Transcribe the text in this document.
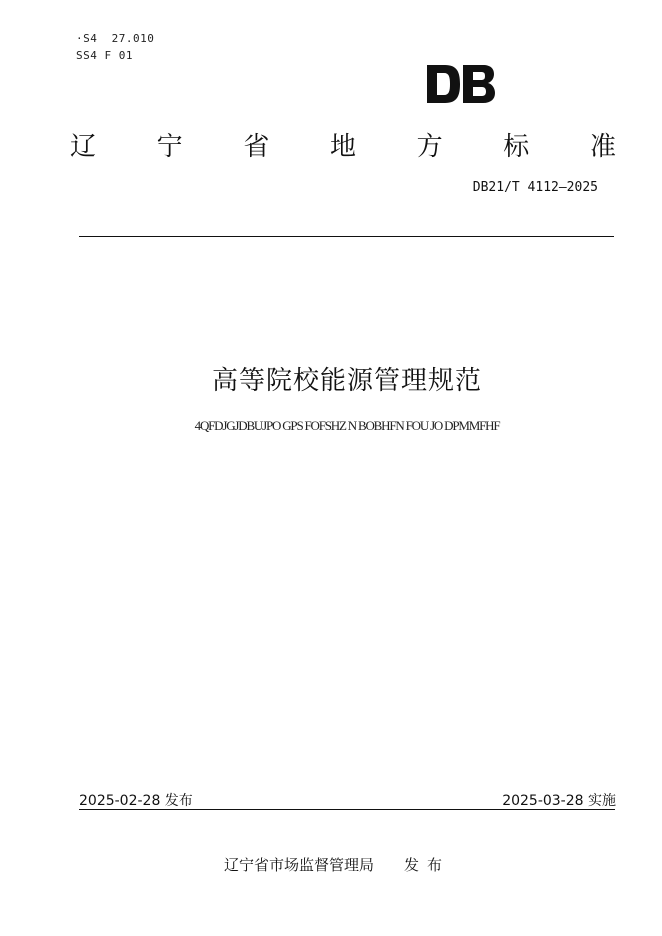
·S4  27.010
SS4 F 01
辽 宁 省 地 方 标 准
DB21/T 4112—2025
高等院校能源管理规范
4QFDJGJDBUJPO GPS FOFSHZ N BOBHFN FOU JO DPMMFHF
2025-02-28 发布	2025-03-28 实施
辽宁省市场监督管理局 发布
